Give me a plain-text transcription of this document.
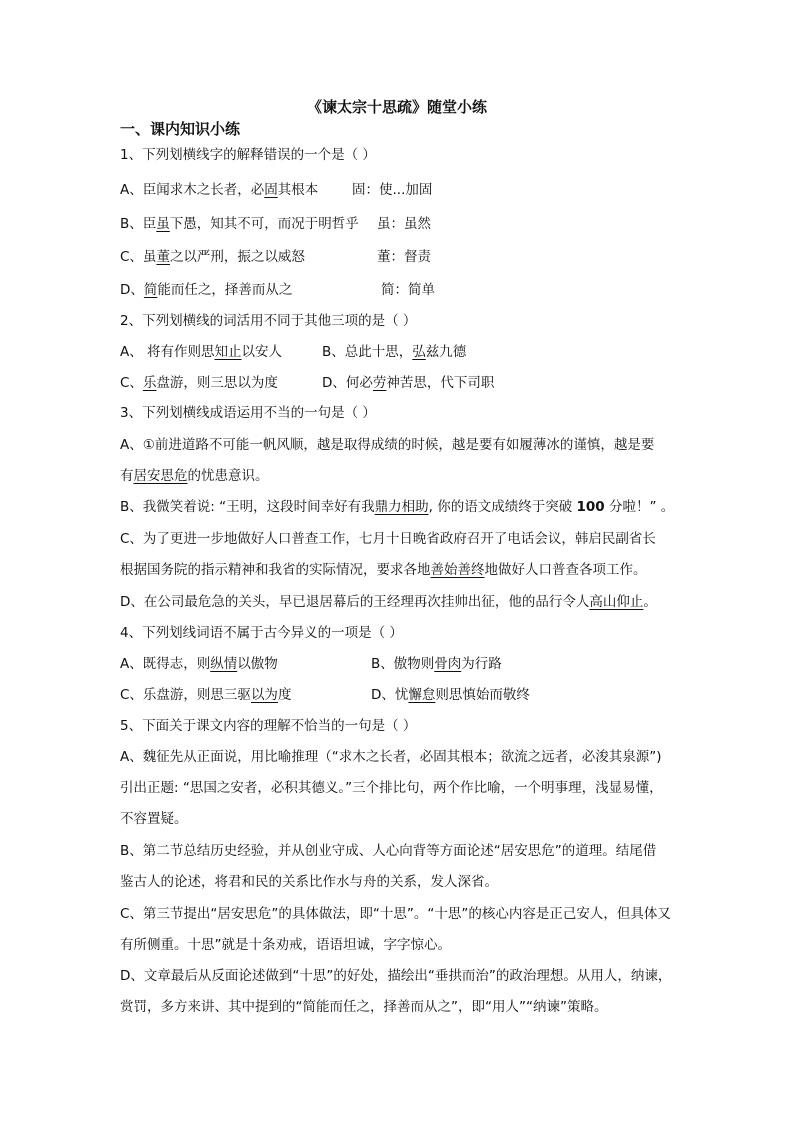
《谏太宗十思疏》随堂小练
一、课内知识小练
1、下列划横线字的解释错误的一个是（ ）
A、臣闻求木之长者，必固其根本	固：使...加固
B、臣虽下愚，知其不可，而况于明哲乎 虽：虽然
C、虽董之以严刑，振之以威怒	董：督责
D、简能而任之，择善而从之	简：简单
2、下列划横线的词活用不同于其他三项的是（ ）
A、 将有作则思知止以安人	B、总此十思，弘兹九德
C、乐盘游，则三思以为度	D、何必劳神苦思，代下司职
3、下列划横线成语运用不当的一句是（ ）
A、①前进道路不可能一帆风顺，越是取得成绩的时候，越是要有如履薄冰的谨慎，越是要
有居安思危的忧患意识。
B、我微笑着说: “王明，这段时间幸好有我鼎力相助, 你的语文成绩终于突破 100 分啦！” 。
C、为了更进一步地做好人口普查工作，七月十日晚省政府召开了电话会议，韩启民副省长
根据国务院的指示精神和我省的实际情况，要求各地善始善终地做好人口普查各项工作。
D、在公司最危急的关头，早已退居幕后的王经理再次挂帅出征，他的品行令人高山仰止。
4、下列划线词语不属于古今异义的一项是（ ）
A、既得志，则纵情以傲物	B、傲物则骨肉为行路
C、乐盘游，则思三驱以为度	D、忧懈怠则思慎始而敬终
5、下面关于课文内容的理解不恰当的一句是（ ）
A、魏征先从正面说，用比喻推理（“求木之长者，必固其根本；欲流之远者，必浚其泉源”)
引出正题: “思国之安者，必积其德义。”三个排比句，两个作比喻，一个明事理，浅显易懂，
不容置疑。
B、第二节总结历史经验，并从创业守成、人心向背等方面论述“居安思危”的道理。结尾借
鉴古人的论述，将君和民的关系比作水与舟的关系，发人深省。
C、第三节提出“居安思危”的具体做法，即“十思”。“十思”的核心内容是正己安人，但具体又
有所侧重。十思”就是十条劝戒，语语坦诚，字字惊心。
D、文章最后从反面论述做到“十思”的好处，描绘出“垂拱而治”的政治理想。从用人，纳谏，
赏罚，多方来讲、其中提到的“简能而任之，择善而从之”，即“用人”“纳谏”策略。
